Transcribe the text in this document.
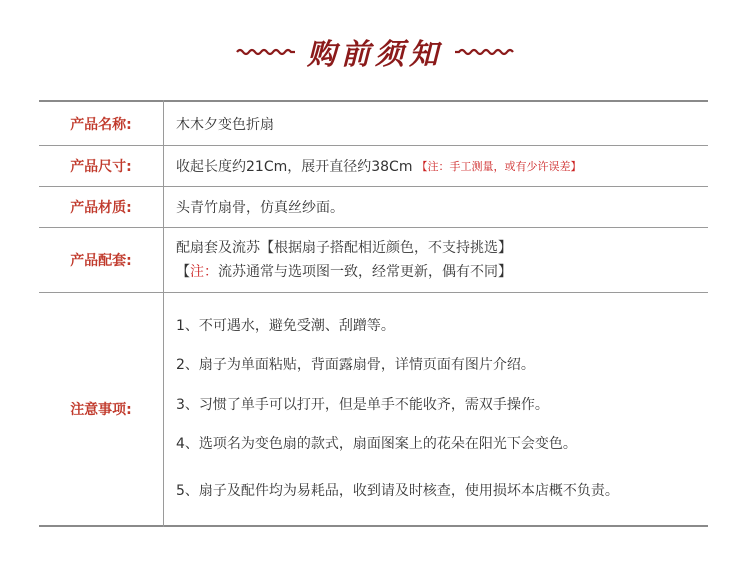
购前须知
产品名称:	木木夕变色折扇
产品尺寸:	收起长度约21Cm，展开直径约38Cm 【注：手工测量，或有少许误差】
产品材质:	头青竹扇骨，仿真丝纱面。
产品配套:
配扇套及流苏【根据扇子搭配相近颜色，不支持挑选】
【注：流苏通常与选项图一致，经常更新，偶有不同】
注意事项:
1、不可遇水，避免受潮、刮蹭等。
2、扇子为单面粘贴，背面露扇骨，详情页面有图片介绍。
3、习惯了单手可以打开，但是单手不能收齐，需双手操作。
4、选项名为变色扇的款式，扇面图案上的花朵在阳光下会变色。
5、扇子及配件均为易耗品，收到请及时核查，使用损坏本店概不负责。
